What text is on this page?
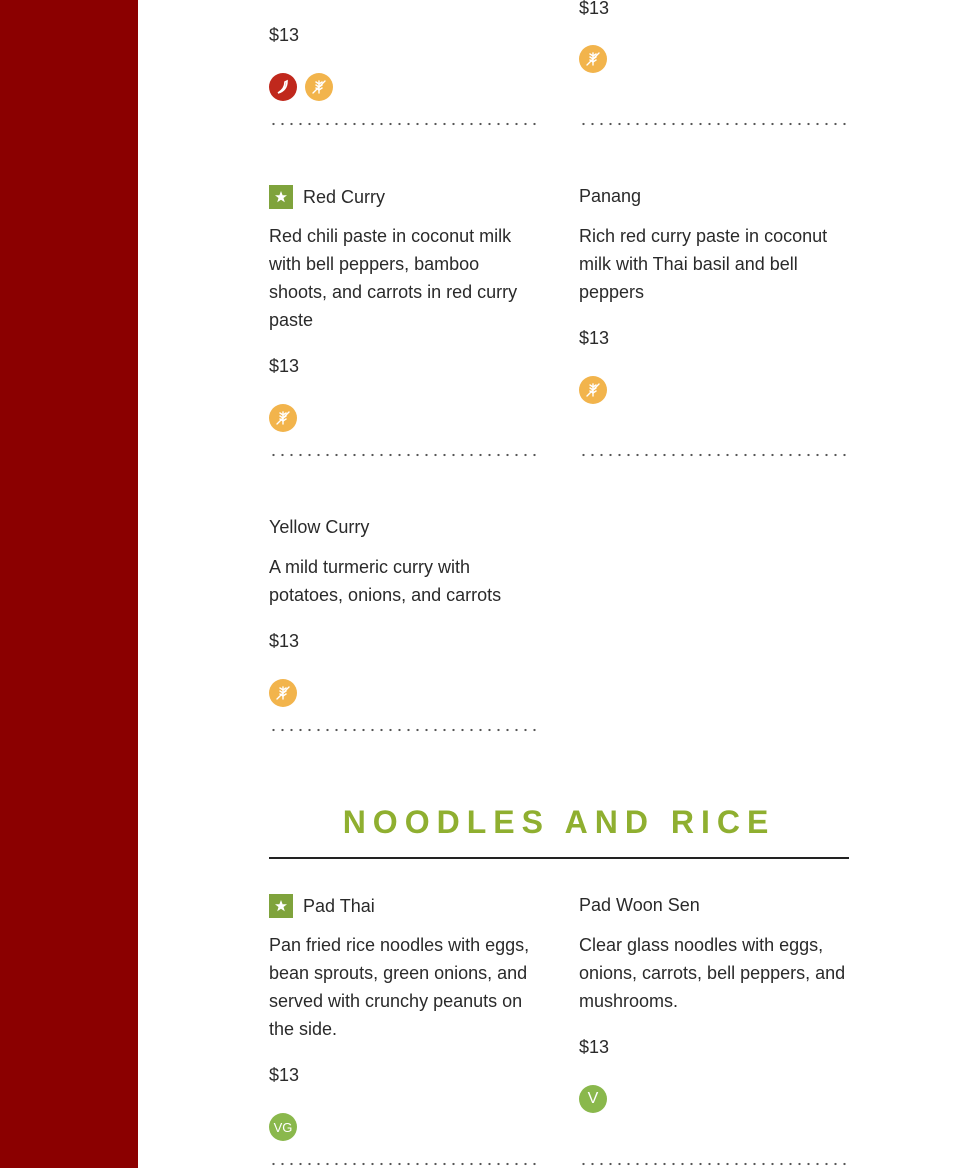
$13
$13
Red Curry
Red chili paste in coconut milk with bell peppers, bamboo shoots, and carrots in red curry paste
$13
Panang
Rich red curry paste in coconut milk with Thai basil and bell peppers
$13
Yellow Curry
A mild turmeric curry with potatoes, onions, and carrots
$13
NOODLES AND RICE
Pad Thai
Pan fried rice noodles with eggs, bean sprouts, green onions, and served with crunchy peanuts on the side.
$13
VG
Pad Woon Sen
Clear glass noodles with eggs, onions, carrots, bell peppers, and mushrooms.
$13
V
